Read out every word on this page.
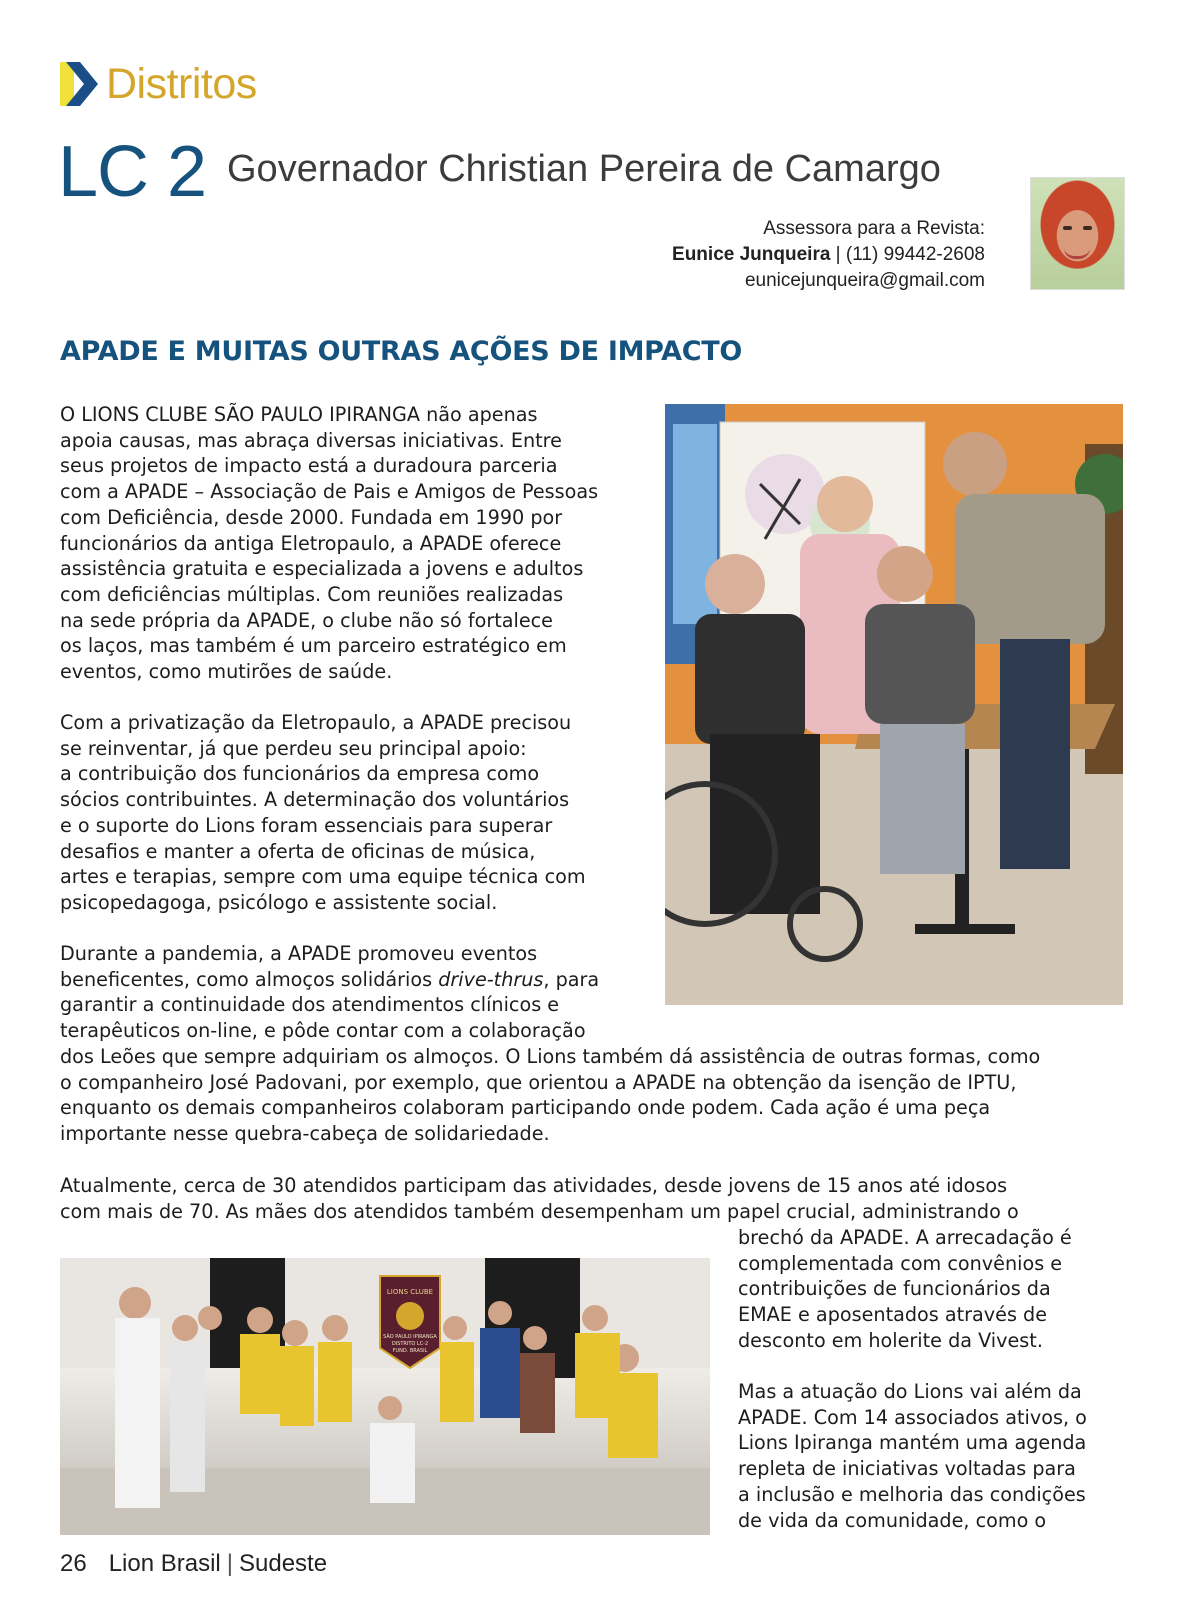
Distritos
LC 2 Governador Christian Pereira de Camargo
Assessora para a Revista:
Eunice Junqueira | (11) 99442-2608
eunicejunqueira@gmail.com
APADE E MUITAS OUTRAS AÇÕES DE IMPACTO
O LIONS CLUBE SÃO PAULO IPIRANGA não apenas
apoia causas, mas abraça diversas iniciativas. Entre
seus projetos de impacto está a duradoura parceria
com a APADE – Associação de Pais e Amigos de Pessoas
com Deficiência, desde 2000. Fundada em 1990 por
funcionários da antiga Eletropaulo, a APADE oferece
assistência gratuita e especializada a jovens e adultos
com deficiências múltiplas. Com reuniões realizadas
na sede própria da APADE, o clube não só fortalece
os laços, mas também é um parceiro estratégico em
eventos, como mutirões de saúde.
Com a privatização da Eletropaulo, a APADE precisou
se reinventar, já que perdeu seu principal apoio:
a contribuição dos funcionários da empresa como
sócios contribuintes. A determinação dos voluntários
e o suporte do Lions foram essenciais para superar
desafios e manter a oferta de oficinas de música,
artes e terapias, sempre com uma equipe técnica com
psicopedagoga, psicólogo e assistente social.
Durante a pandemia, a APADE promoveu eventos
beneficentes, como almoços solidários drive-thrus, para
garantir a continuidade dos atendimentos clínicos e
terapêuticos on-line, e pôde contar com a colaboração
dos Leões que sempre adquiriam os almoços. O Lions também dá assistência de outras formas, como
o companheiro José Padovani, por exemplo, que orientou a APADE na obtenção da isenção de IPTU,
enquanto os demais companheiros colaboram participando onde podem. Cada ação é uma peça
importante nesse quebra-cabeça de solidariedade.
Atualmente, cerca de 30 atendidos participam das atividades, desde jovens de 15 anos até idosos
com mais de 70. As mães dos atendidos também desempenham um papel crucial, administrando o
brechó da APADE. A arrecadação é
complementada com convênios e
contribuições de funcionários da
EMAE e aposentados através de
desconto em holerite da Vivest.
Mas a atuação do Lions vai além da
APADE. Com 14 associados ativos, o
Lions Ipiranga mantém uma agenda
repleta de iniciativas voltadas para
a inclusão e melhoria das condições
de vida da comunidade, como o
LIONS CLUBE
SÃO PAULO IPIRANGA
DISTRITO LC-2
FUND. BRASIL
26 Lion Brasil | Sudeste
